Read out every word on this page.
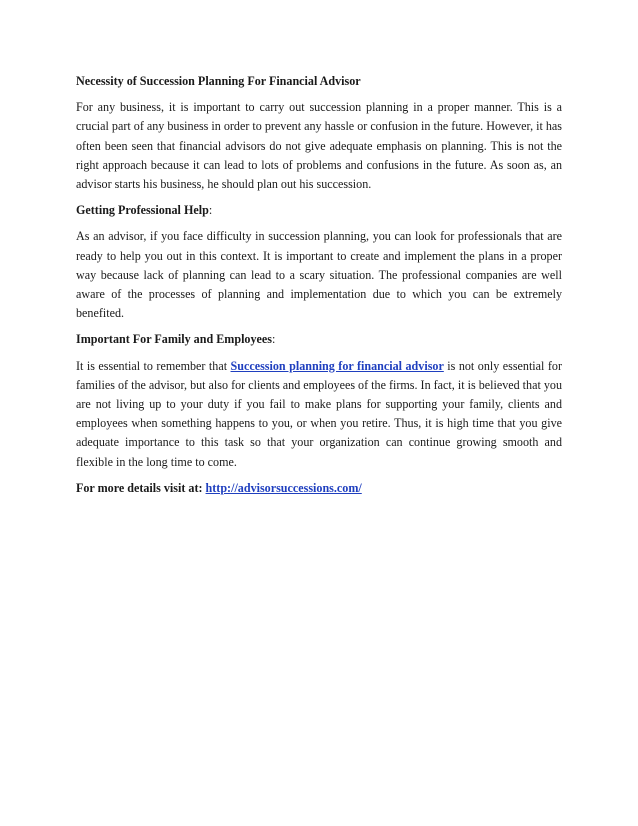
Necessity of Succession Planning For Financial Advisor

For any business, it is important to carry out succession planning in a proper manner. This is a crucial part of any business in order to prevent any hassle or confusion in the future. However, it has often been seen that financial advisors do not give adequate emphasis on planning. This is not the right approach because it can lead to lots of problems and confusions in the future. As soon as, an advisor starts his business, he should plan out his succession.

Getting Professional Help:

As an advisor, if you face difficulty in succession planning, you can look for professionals that are ready to help you out in this context. It is important to create and implement the plans in a proper way because lack of planning can lead to a scary situation. The professional companies are well aware of the processes of planning and implementation due to which you can be extremely benefited.

Important For Family and Employees:

It is essential to remember that Succession planning for financial advisor is not only essential for families of the advisor, but also for clients and employees of the firms. In fact, it is believed that you are not living up to your duty if you fail to make plans for supporting your family, clients and employees when something happens to you, or when you retire. Thus, it is high time that you give adequate importance to this task so that your organization can continue growing smooth and flexible in the long time to come.

For more details visit at: http://advisorsuccessions.com/
